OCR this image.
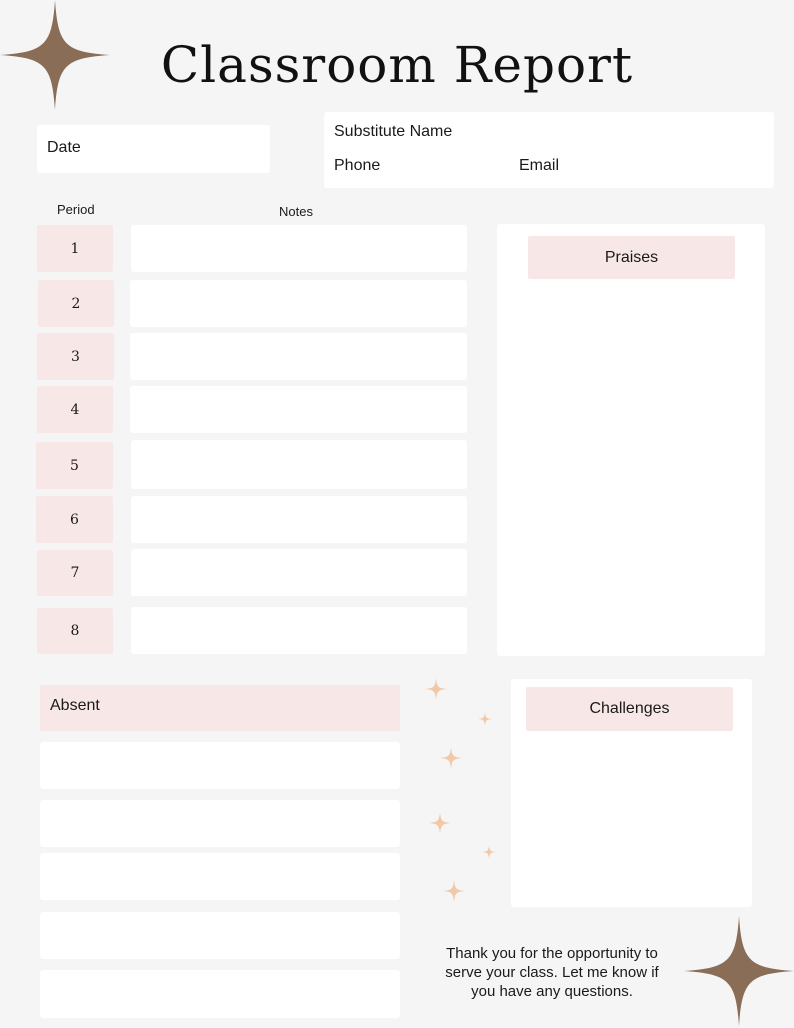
Classroom Report
Date
Substitute Name
Phone	Email
Period	Notes
1
2
3
4
5
6
7
8
Praises
Absent	Challenges
Thank you for the opportunity to
serve your class. Let me know if
you have any questions.
